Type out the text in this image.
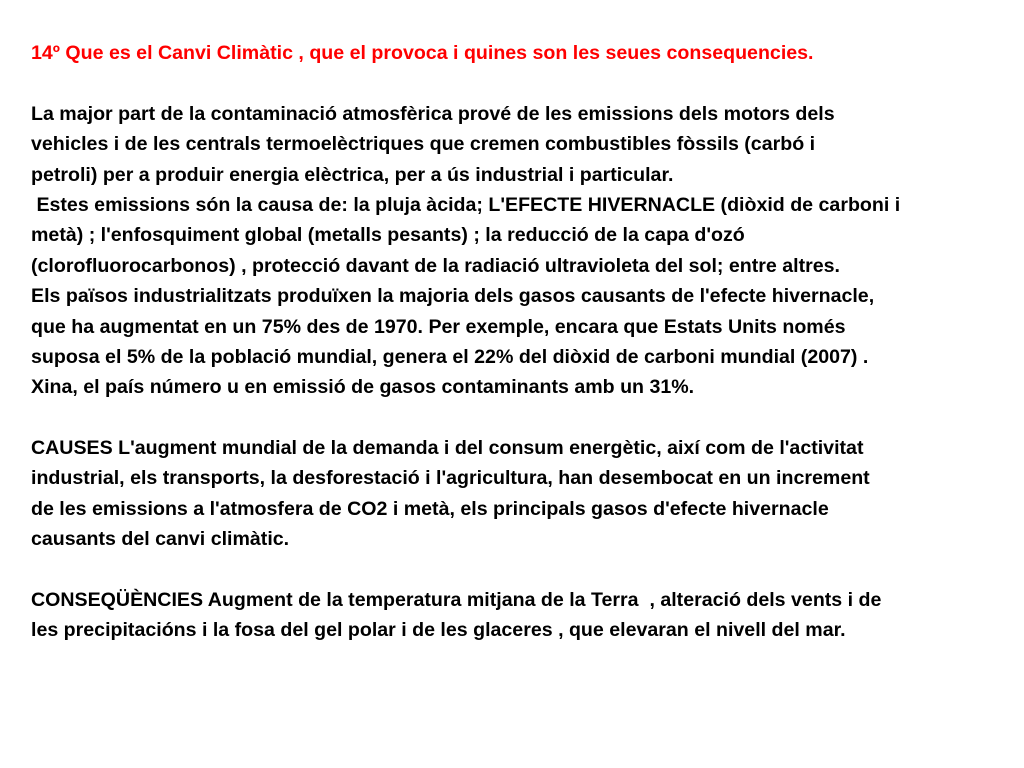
14º Que es el Canvi Climàtic , que el provoca i quines son les seues consequencies.
La major part de la contaminació atmosfèrica prové de les emissions dels motors dels
vehicles i de les centrals termoelèctriques que cremen combustibles fòssils (carbó i
petroli) per a produir energia elèctrica, per a ús industrial i particular.
Estes emissions són la causa de: la pluja àcida; L'EFECTE HIVERNACLE (diòxid de carboni i
metà) ; l'enfosquiment global (metalls pesants) ; la reducció de la capa d'ozó
(clorofluorocarbonos) , protecció davant de la radiació ultravioleta del sol; entre altres.
Els països industrialitzats produïxen la majoria dels gasos causants de l'efecte hivernacle,
que ha augmentat en un 75% des de 1970. Per exemple, encara que Estats Units només
suposa el 5% de la població mundial, genera el 22% del diòxid de carboni mundial (2007) .
Xina, el país número u en emissió de gasos contaminants amb un 31%.
CAUSES L'augment mundial de la demanda i del consum energètic, així com de l'activitat
industrial, els transports, la desforestació i l'agricultura, han desembocat en un increment
de les emissions a l'atmosfera de CO2 i metà, els principals gasos d'efecte hivernacle
causants del canvi climàtic.
CONSEQÜÈNCIES Augment de la temperatura mitjana de la Terra  , alteració dels vents i de
les precipitacións i la fosa del gel polar i de les glaceres , que elevaran el nivell del mar.
